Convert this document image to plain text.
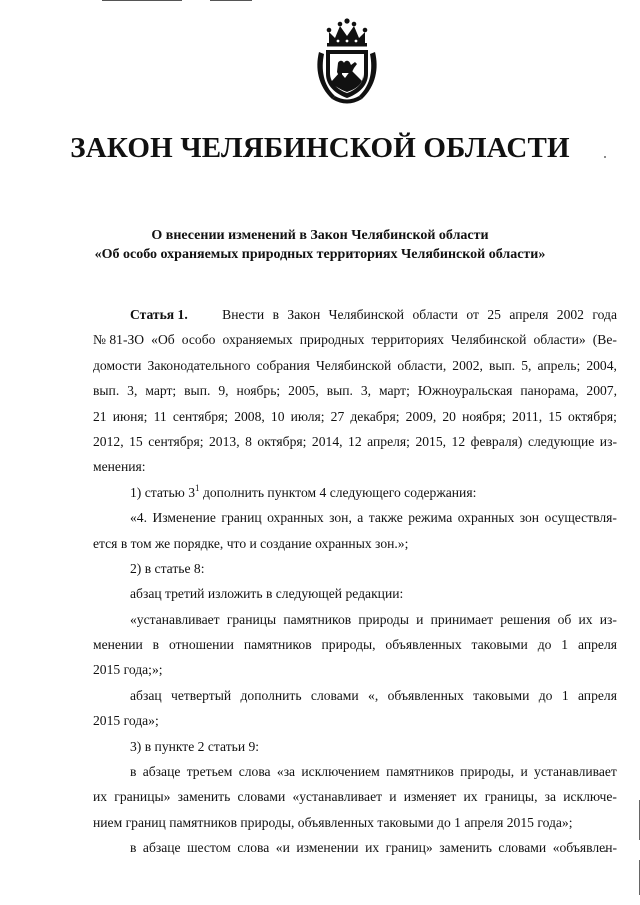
ЗАКОН ЧЕЛЯБИНСКОЙ ОБЛАСТИ
О внесении изменений в Закон Челябинской области
«Об особо охраняемых природных территориях Челябинской области»
Статья 1.	Внести в Закон Челябинской области от 25 апреля 2002 года
№ 81-ЗО «Об особо охраняемых природных территориях Челябинской области» (Ве-
домости Законодательного собрания Челябинской области, 2002, вып. 5, апрель; 2004,
вып. 3, март; вып. 9, ноябрь; 2005, вып. 3, март; Южноуральская панорама, 2007,
21 июня; 11 сентября; 2008, 10 июля; 27 декабря; 2009, 20 ноября; 2011, 15 октября;
2012, 15 сентября; 2013, 8 октября; 2014, 12 апреля; 2015, 12 февраля) следующие из-
менения:
1) статью $3^1$ дополнить пунктом 4 следующего содержания:
«4. Изменение границ охранных зон, а также режима охранных зон осуществля-
ется в том же порядке, что и создание охранных зон.»;
2) в статье 8:
абзац третий изложить в следующей редакции:
«устанавливает границы памятников природы и принимает решения об их из-
менении в отношении памятников природы, объявленных таковыми до 1 апреля
2015 года;»;
абзац четвертый дополнить словами «, объявленных таковыми до 1 апреля
2015 года»;
3) в пункте 2 статьи 9:
в абзаце третьем слова «за исключением памятников природы, и устанавливает
их границы» заменить словами «устанавливает и изменяет их границы, за исключе-
нием границ памятников природы, объявленных таковыми до 1 апреля 2015 года»;
в абзаце шестом слова «и изменении их границ» заменить словами «объявлен-
